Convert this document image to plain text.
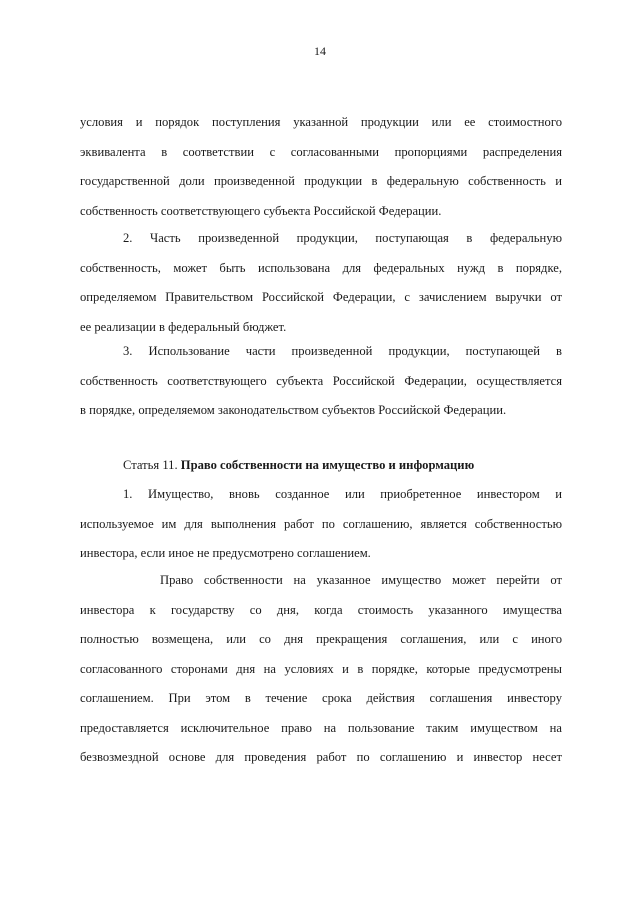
14
условия и порядок поступления указанной продукции или ее стоимостного
эквивалента в соответствии с согласованными пропорциями распределения
государственной доли произведенной продукции в федеральную собственность и
собственность соответствующего субъекта Российской Федерации.
2. Часть произведенной продукции, поступающая в федеральную
собственность, может быть использована для федеральных нужд в порядке,
определяемом Правительством Российской Федерации, с зачислением выручки от
ее реализации в федеральный бюджет.
3. Использование части произведенной продукции, поступающей в
собственность соответствующего субъекта Российской Федерации, осуществляется
в порядке, определяемом законодательством субъектов Российской Федерации.
Статья 11. Право собственности на имущество и информацию
1. Имущество, вновь созданное или приобретенное инвестором и
используемое им для выполнения работ по соглашению, является собственностью
инвестора, если иное не предусмотрено соглашением.
Право собственности на указанное имущество может перейти от
инвестора к государству со дня, когда стоимость указанного имущества
полностью возмещена, или со дня прекращения соглашения, или с иного
согласованного сторонами дня на условиях и в порядке, которые предусмотрены
соглашением. При этом в течение срока действия соглашения инвестору
предоставляется исключительное право на пользование таким имуществом на
безвозмездной основе для проведения работ по соглашению и инвестор несет
